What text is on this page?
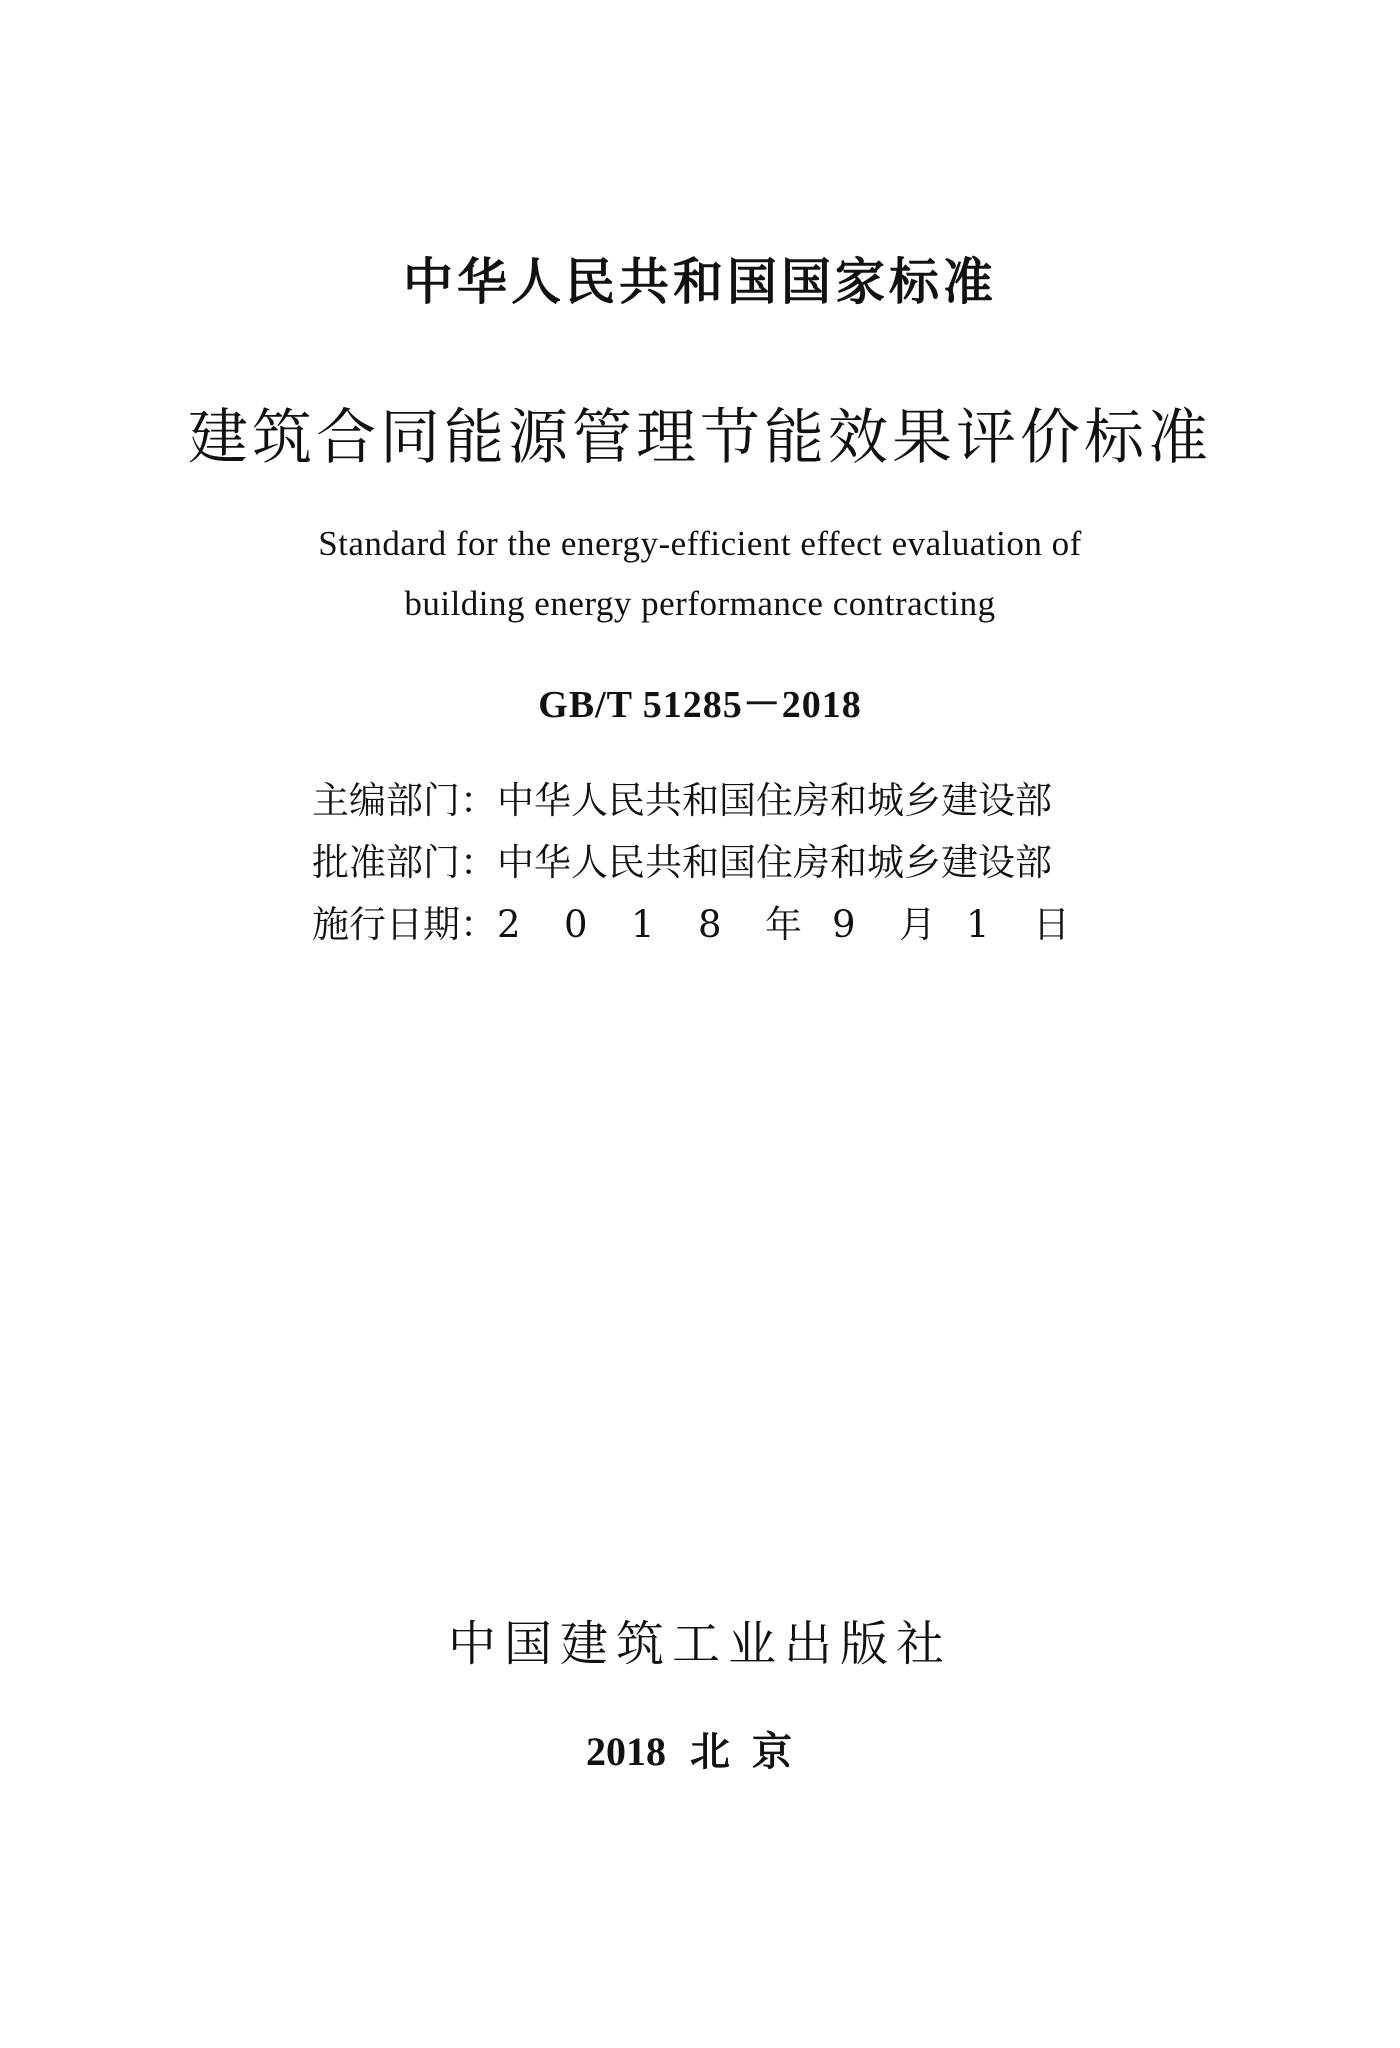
中华人民共和国国家标准
建筑合同能源管理节能效果评价标准
Standard for the energy-efficient effect evaluation of
building energy performance contracting
GB/T 51285－2018
主编部门：中华人民共和国住房和城乡建设部
批准部门：中华人民共和国住房和城乡建设部
施行日期：2 0 1 8 年 9 月 1 日
中国建筑工业出版社
2018 北京
